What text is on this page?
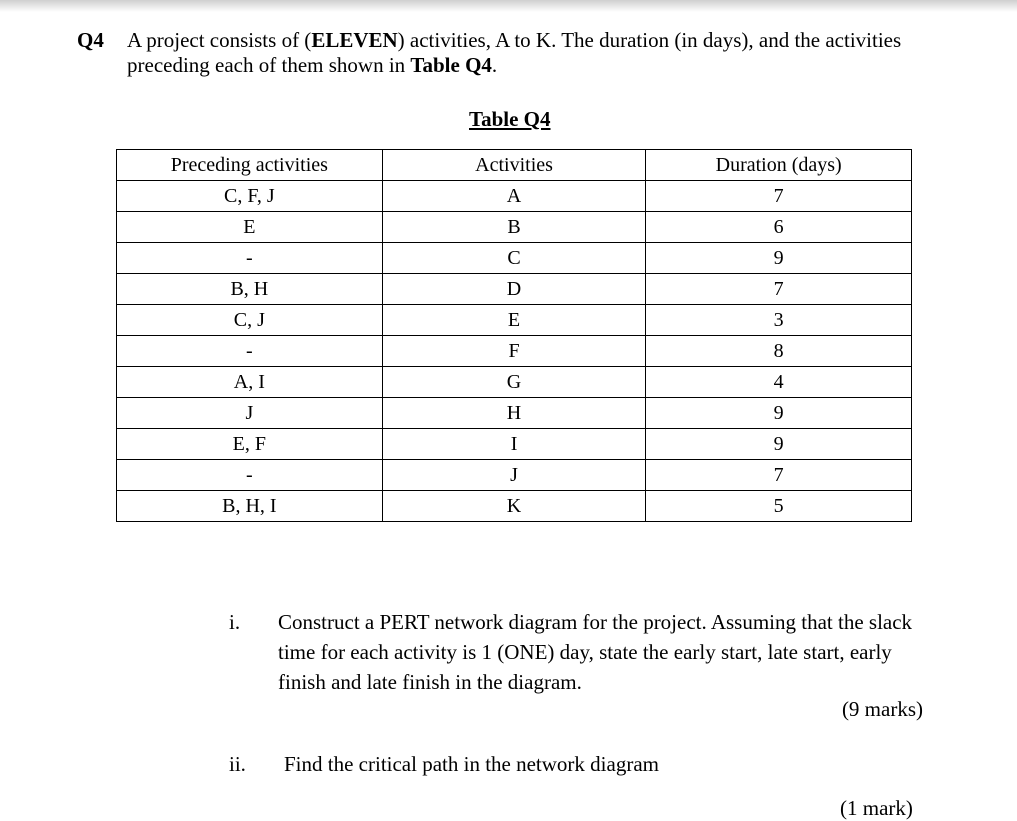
Q4 A project consists of (ELEVEN) activities, A to K. The duration (in days), and the activities preceding each of them shown in Table Q4.
Table Q4
Preceding activities	Activities	Duration (days)
C, F, J	A	7
E	B	6
-	C	9
B, H	D	7
C, J	E	3
-	F	8
A, I	G	4
J	H	9
E, F	I	9
-	J	7
B, H, I	K	5
i. Construct a PERT network diagram for the project. Assuming that the slack time for each activity is 1 (ONE) day, state the early start, late start, early finish and late finish in the diagram.
(9 marks)
ii. Find the critical path in the network diagram
(1 mark)
